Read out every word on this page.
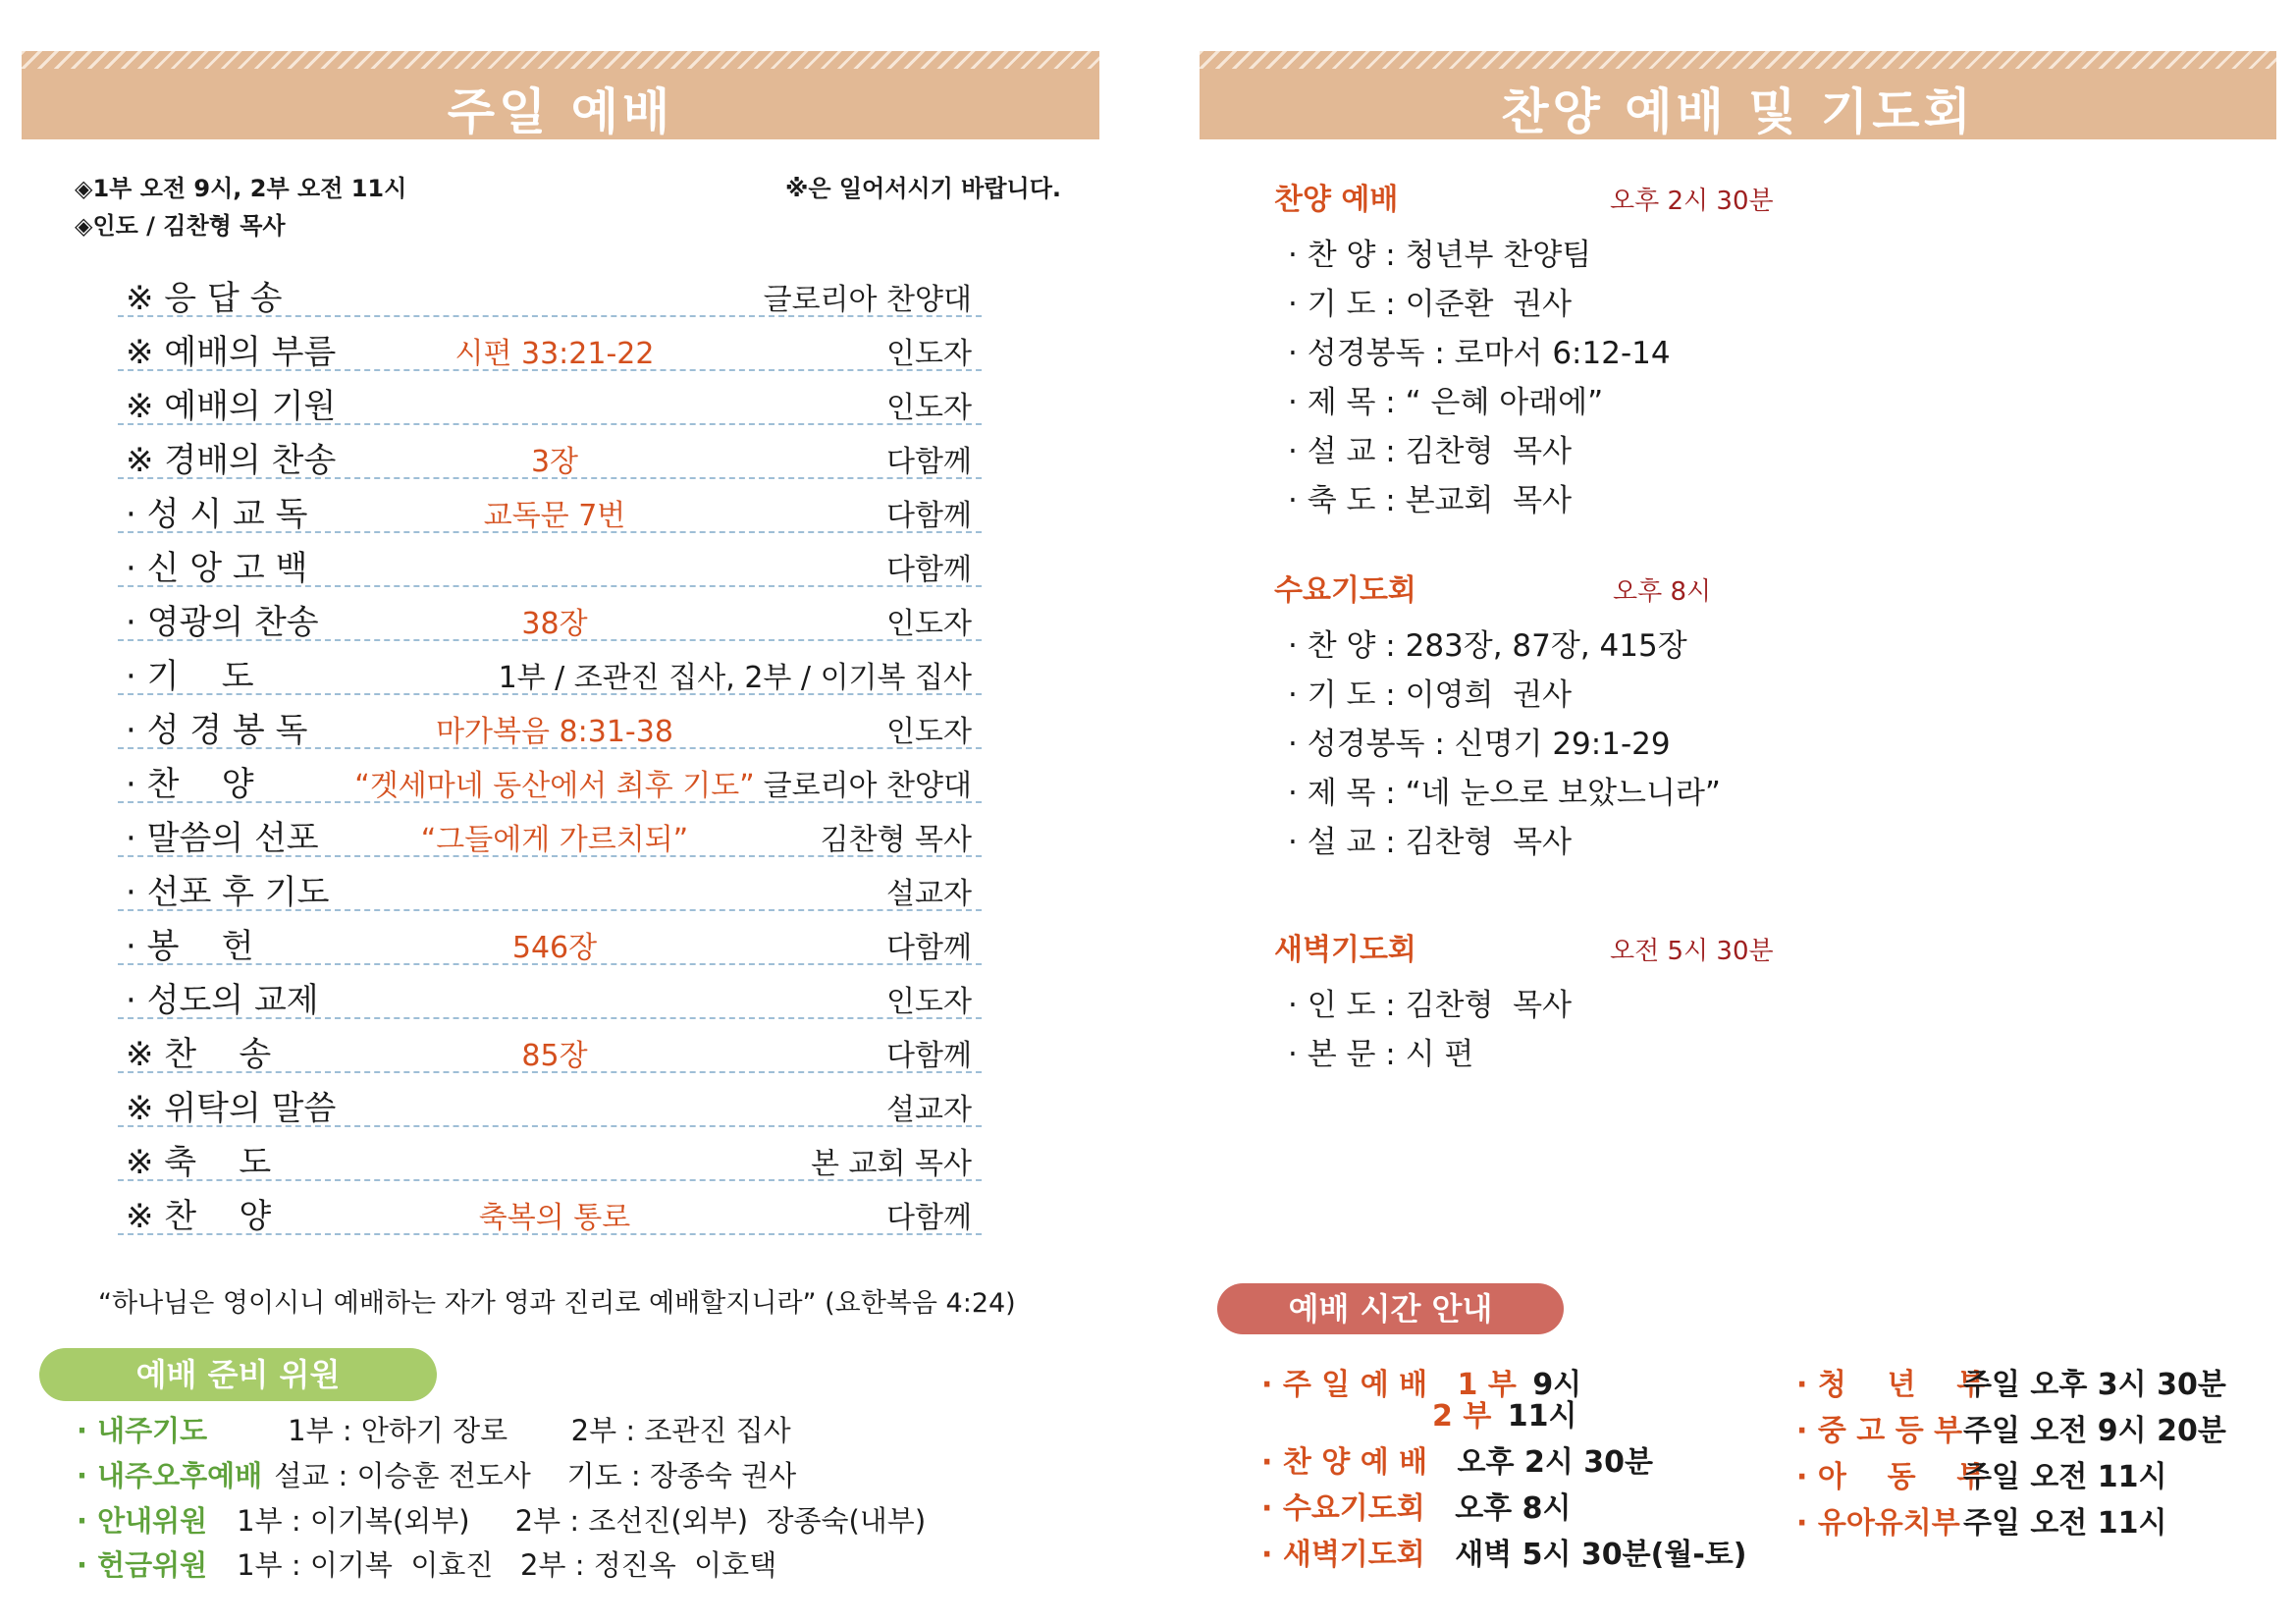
주일 예배	찬양 예배 및 기도회
◈1부 오전 9시, 2부 오전 11시
◈인도 / 김찬형 목사
※은 일어서시기 바랍니다.
※ 응 답 송	글로리아 찬양대
※ 예배의 부름	시편 33:21-22	인도자
※ 예배의 기원	인도자
※ 경배의 찬송	3장	다함께
· 성 시 교 독	교독문 7번	다함께
· 신 앙 고 백	다함께
· 영광의 찬송	38장	인도자
· 기    도	1부 / 조관진 집사, 2부 / 이기복 집사
· 성 경 봉 독	마가복음 8:31-38	인도자
· 찬    양	“겟세마네 동산에서 최후 기도” 글로리아 찬양대
· 말씀의 선포	“그들에게 가르치되”	김찬형 목사
· 선포 후 기도	설교자
· 봉    헌	546장	다함께
· 성도의 교제	인도자
※ 찬    송	85장	다함께
※ 위탁의 말씀	설교자
※ 축    도	본 교회 목사
※ 찬    양	축복의 통로	다함께
“하나님은 영이시니 예배하는 자가 영과 진리로 예배할지니라” (요한복음 4:24)
예배 준비 위원
· 내주기도	1부 : 안하기 장로       2부 : 조관진 집사
· 내주오후예배 설교 : 이승훈 전도사    기도 : 장종숙 권사
· 안내위원 1부 : 이기복(외부)     2부 : 조선진(외부)  장종숙(내부)
· 헌금위원 1부 : 이기복  이효진   2부 : 정진옥  이호택
찬양 예배	오후 2시 30분
· 찬 양 : 청년부 찬양팀
· 기 도 : 이준환  권사
· 성경봉독 : 로마서 6:12-14
· 제 목 : “ 은혜 아래에”
· 설 교 : 김찬형  목사
· 축 도 : 본교회  목사
수요기도회	오후 8시
· 찬 양 : 283장, 87장, 415장
· 기 도 : 이영희  권사
· 성경봉독 : 신명기 29:1-29
· 제 목 : “네 눈으로 보았느니라”
· 설 교 : 김찬형  목사
새벽기도회	오전 5시 30분
· 인 도 : 김찬형  목사
· 본 문 : 시 편
예배 시간 안내
· 주 일 예 배 1 부 9시
2 부 11시
· 찬 양 예 배 오후 2시 30분
· 수요기도회 오후 8시
· 새벽기도회 새벽 5시 30분(월-토)
· 청    년    부주일 오후 3시 30분
· 중 고 등 부주일 오전 9시 20분
· 아    동    부주일 오전 11시
· 유아유치부 주일 오전 11시
